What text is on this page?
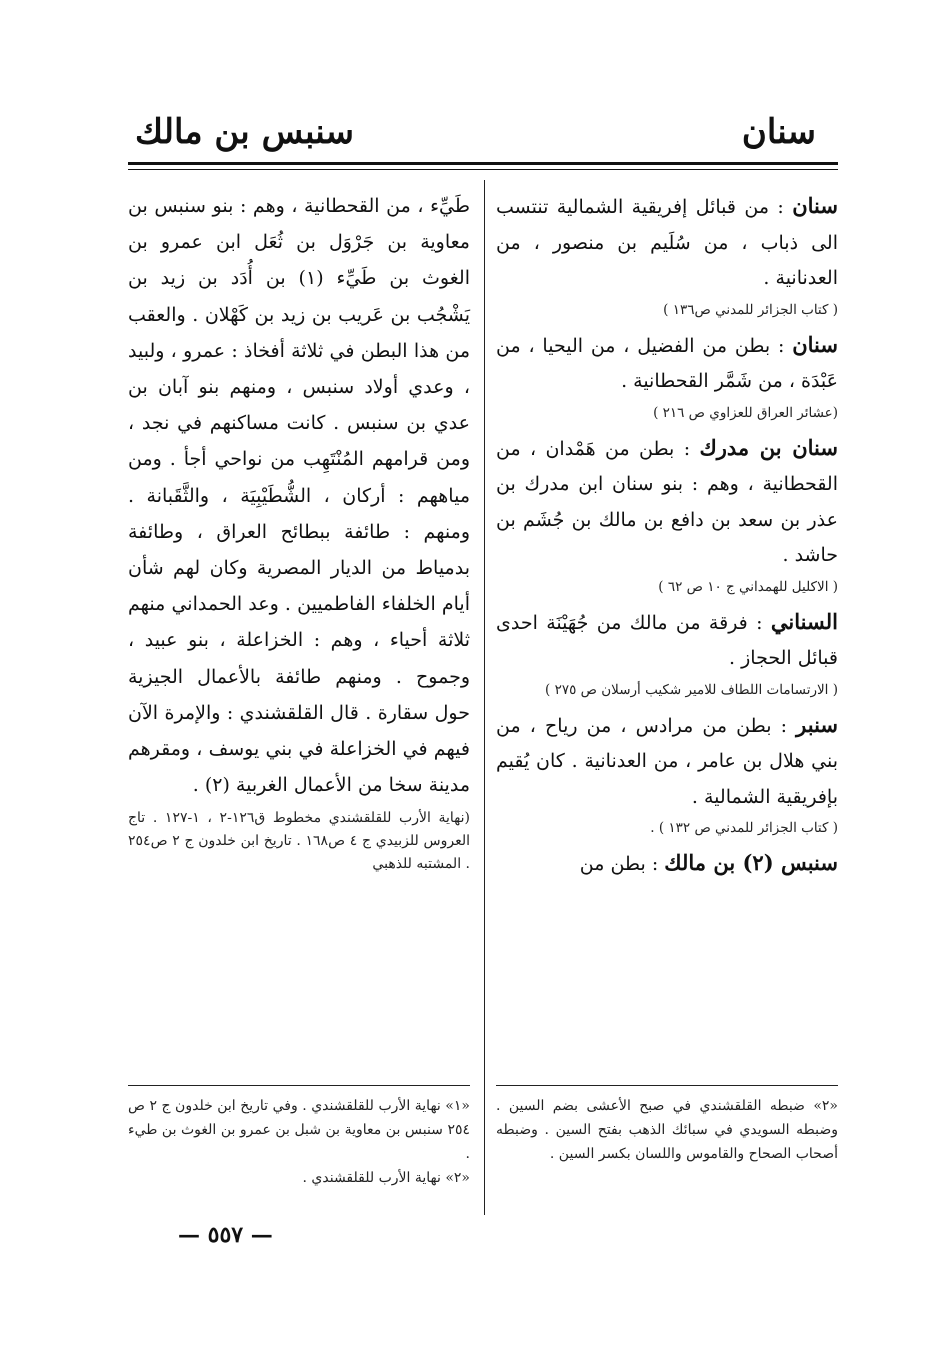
سنان
سنبس بن مالك

سنان : من قبائل إفريقية الشمالية تنتسب الى ذباب ، من سُلَيم بن منصور ، من العدنانية .

( كتاب الجزائر للمدني ص١٣٦ )

سنان : بطن من الفضيل ، من اليحيا ، من عَبْدَة ، من شَمَّر القحطانية .

(عشائر العراق للعزاوي ص ٢١٦ )

سنان بن مدرك : بطن من هَمْدان ، من القحطانية ، وهم : بنو سنان ابن مدرك بن عذر بن سعد بن دافع بن مالك بن جُشَم بن حاشد .

( الاكليل للهمداني ج ١٠ ص ٦٢ )

السناني : فرقة من مالك من جُهَيْنَة احدى قبائل الحجاز .

( الارتسامات اللطاف للامير شكيب أرسلان ص ٢٧٥ )

سنبر : بطن من مرادس ، من رياح ، من بني هلال بن عامر ، من العدنانية . كان يُقيم بإفريقية الشمالية .

( كتاب الجزائر للمدني ص ١٣٢ ) .

سنبس (٢) بن مالك : بطن من

طَيِّء ، من القحطانية ، وهم : بنو سنبس بن معاوية بن جَرْوَل بن ثُعَل ابن عمرو بن الغوث بن طَيِّء (١) بن أُدَد بن زيد بن يَشْجُب بن عَريب بن زيد بن كَهْلان . والعقب من هذا البطن في ثلاثة أفخاذ : عمرو ، ولبيد ، وعدي أولاد سنبس ، ومنهم بنو آبان بن عدي بن سنبس . كانت مساكنهم في نجد ، ومن قرامهم المُنْتَهِب من نواحي أجأ . ومن مياههم : أركان ، الشُّطَيْبِيَة ، والثَّقَبانة . ومنهم : طائفة ببطائح العراق ، وطائفة بدمياط من الديار المصرية وكان لهم شأن أيام الخلفاء الفاطميين . وعد الحمداني منهم ثلاثة أحياء ، وهم : الخزاعلة ، بنو عبيد ، وجموح . ومنهم طائفة بالأعمال الجيزية حول سقارة . قال القلقشندي : والإمرة الآن فيهم في الخزاعلة في بني يوسف ، ومقرهم مدينة سخا من الأعمال الغربية (٢) .

(نهاية الأرب للقلقشندي مخطوط ق١٢٦-٢ ، ١-١٢٧ . تاج العروس للزبيدي ج ٤ ص١٦٨ . تاريخ ابن خلدون ج ٢ ص٢٥٤ . المشتبه للذهبي

«٢» ضبطه القلقشندي في صبح الأعشى بضم السين . وضبطه السويدي في سبائك الذهب بفتح السين . وضبطه أصحاب الصحاح والقاموس واللسان بكسر السين .

«١» نهاية الأرب للقلقشندي . وفي تاريخ ابن خلدون ج ٢ ص ٢٥٤ سنبس بن معاوية بن شبل بن عمرو بن الغوث بن طيء .

«٢» نهاية الأرب للقلقشندي .

— ٥٥٧ —
